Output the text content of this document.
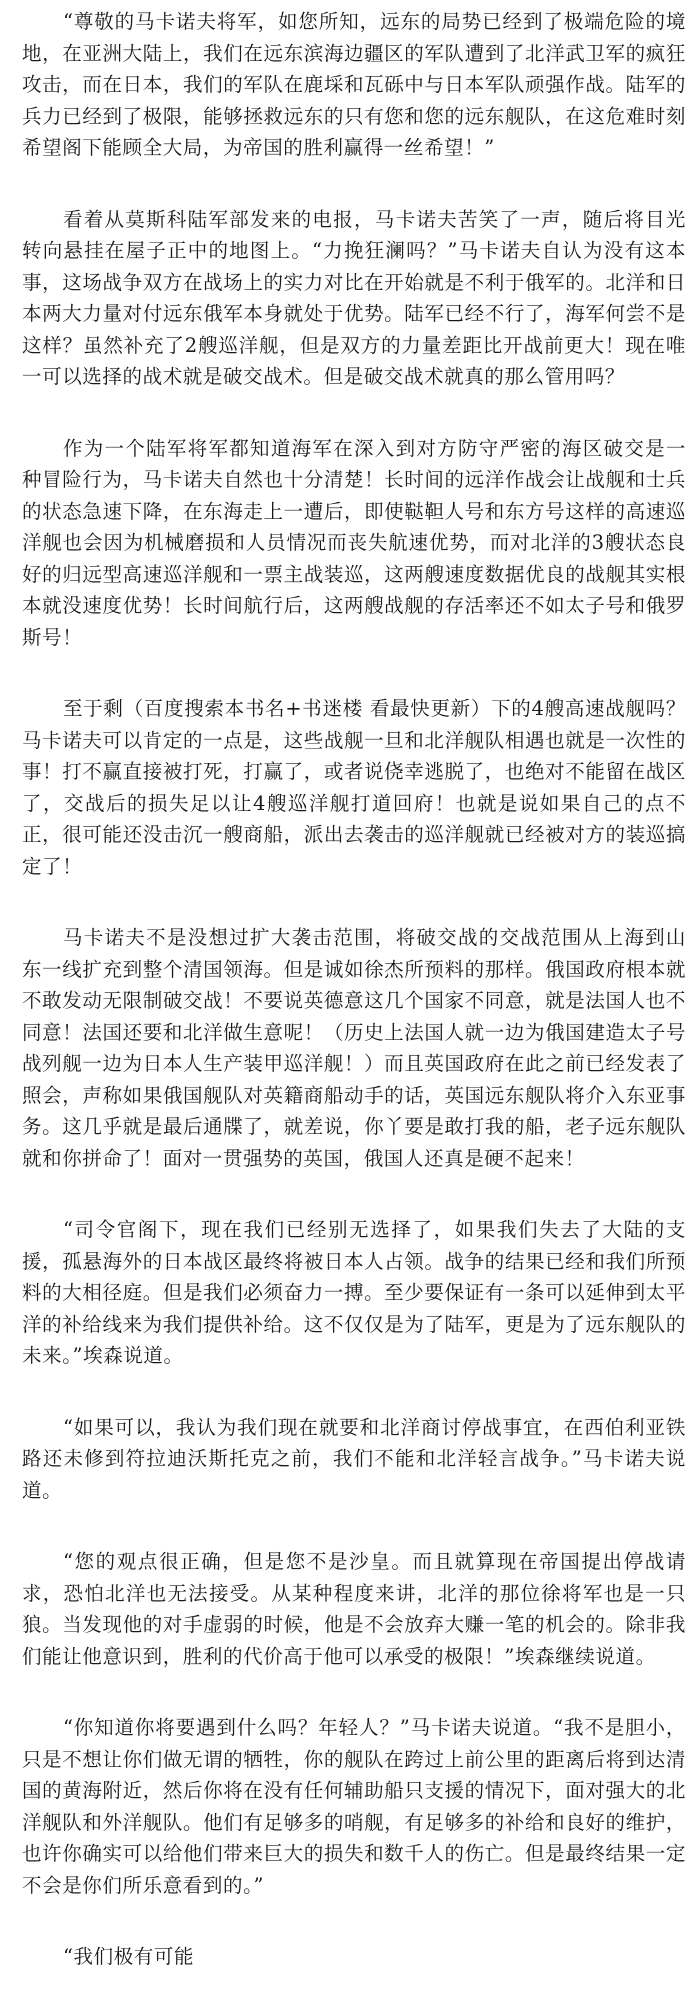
“尊敬的马卡诺夫将军，如您所知，远东的局势已经到了极端危险的境地，在亚洲大陆上，我们在远东滨海边疆区的军队遭到了北洋武卫军的疯狂攻击，而在日本，我们的军队在鹿埰和瓦砾中与日本军队顽强作战。陆军的兵力已经到了极限，能够拯救远东的只有您和您的远东舰队，在这危难时刻希望阁下能顾全大局，为帝国的胜利赢得一丝希望！”

看着从莫斯科陆军部发来的电报，马卡诺夫苦笑了一声，随后将目光转向悬挂在屋子正中的地图上。“力挽狂澜吗？”马卡诺夫自认为没有这本事，这场战争双方在战场上的实力对比在开始就是不利于俄军的。北洋和日本两大力量对付远东俄军本身就处于优势。陆军已经不行了，海军何尝不是这样？虽然补充了2艘巡洋舰，但是双方的力量差距比开战前更大！现在唯一可以选择的战术就是破交战术。但是破交战术就真的那么管用吗？

作为一个陆军将军都知道海军在深入到对方防守严密的海区破交是一种冒险行为，马卡诺夫自然也十分清楚！长时间的远洋作战会让战舰和士兵的状态急速下降，在东海走上一遭后，即使鞑靼人号和东方号这样的高速巡洋舰也会因为机械磨损和人员情况而丧失航速优势，而对北洋的3艘状态良好的归远型高速巡洋舰和一票主战装巡，这两艘速度数据优良的战舰其实根本就没速度优势！长时间航行后，这两艘战舰的存活率还不如太子号和俄罗斯号！

至于剩（百度搜索本书名+书迷楼 看最快更新）下的4艘高速战舰吗？马卡诺夫可以肯定的一点是，这些战舰一旦和北洋舰队相遇也就是一次性的事！打不赢直接被打死，打赢了，或者说侥幸逃脱了，也绝对不能留在战区了，交战后的损失足以让4艘巡洋舰打道回府！也就是说如果自己的点不正，很可能还没击沉一艘商船，派出去袭击的巡洋舰就已经被对方的装巡搞定了！

马卡诺夫不是没想过扩大袭击范围，将破交战的交战范围从上海到山东一线扩充到整个清国领海。但是诚如徐杰所预料的那样。俄国政府根本就不敢发动无限制破交战！不要说英德意这几个国家不同意，就是法国人也不同意！法国还要和北洋做生意呢！（历史上法国人就一边为俄国建造太子号战列舰一边为日本人生产装甲巡洋舰！）而且英国政府在此之前已经发表了照会，声称如果俄国舰队对英籍商船动手的话，英国远东舰队将介入东亚事务。这几乎就是最后通牒了，就差说，你丫要是敢打我的船，老子远东舰队就和你拼命了！面对一贯强势的英国，俄国人还真是硬不起来！

“司令官阁下，现在我们已经别无选择了，如果我们失去了大陆的支援，孤悬海外的日本战区最终将被日本人占领。战争的结果已经和我们所预料的大相径庭。但是我们必须奋力一搏。至少要保证有一条可以延伸到太平洋的补给线来为我们提供补给。这不仅仅是为了陆军，更是为了远东舰队的未来。”埃森说道。

“如果可以，我认为我们现在就要和北洋商讨停战事宜，在西伯利亚铁路还未修到符拉迪沃斯托克之前，我们不能和北洋轻言战争。”马卡诺夫说道。

“您的观点很正确，但是您不是沙皇。而且就算现在帝国提出停战请求，恐怕北洋也无法接受。从某种程度来讲，北洋的那位徐将军也是一只狼。当发现他的对手虚弱的时候，他是不会放弃大赚一笔的机会的。除非我们能让他意识到，胜利的代价高于他可以承受的极限！”埃森继续说道。

“你知道你将要遇到什么吗？年轻人？”马卡诺夫说道。“我不是胆小，只是不想让你们做无谓的牺牲，你的舰队在跨过上前公里的距离后将到达清国的黄海附近，然后你将在没有任何辅助船只支援的情况下，面对强大的北洋舰队和外洋舰队。他们有足够多的哨舰，有足够多的补给和良好的维护，也许你确实可以给他们带来巨大的损失和数千人的伤亡。但是最终结果一定不会是你们所乐意看到的。”

“我们极有可能
